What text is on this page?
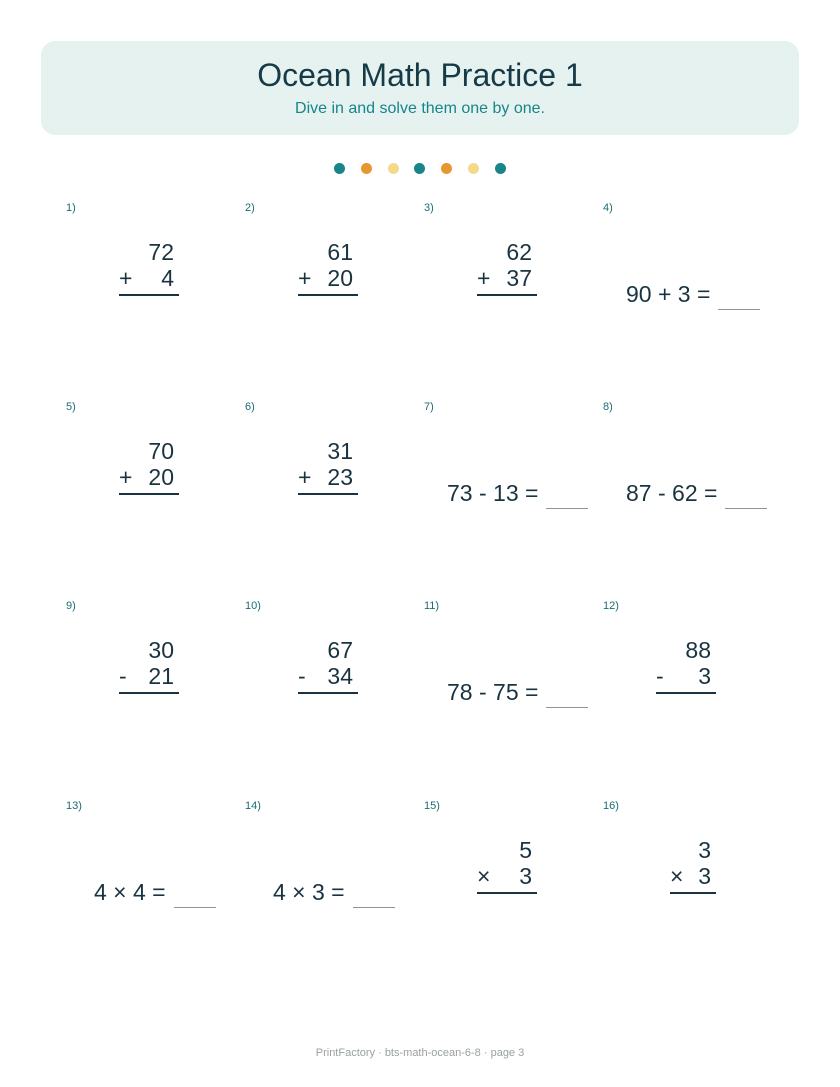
Ocean Math Practice 1
Dive in and solve them one by one.
1)
72
+ 4
2)
61
+ 20
3)
62
+ 37
4)
90 + 3 =
5)
70
+ 20
6)
31
+ 23
7)
73 - 13 =
8)
87 - 62 =
9)
30
- 21
10)
67
- 34
11)
78 - 75 =
12)
88
- 3
13)
4 × 4 =
14)
4 × 3 =
15)
5
× 3
16)
3
× 3
PrintFactory · bts-math-ocean-6-8 · page 3
